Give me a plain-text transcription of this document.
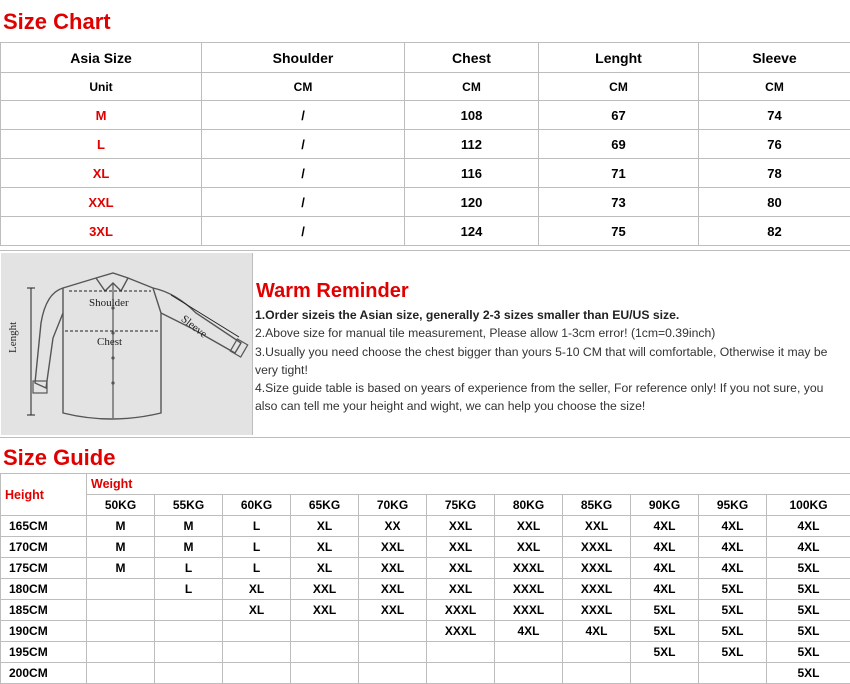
Size Chart
Asia Size	Shoulder	Chest	Lenght	Sleeve
Unit	CM	CM	CM	CM
M	/	108	67	74
L	/	112	69	76
XL	/	116	71	78
XXL	/	120	73	80
3XL	/	124	75	82
Shoulder
Chest
Sleeve
Lenght
Warm Reminder

1.Order sizeis the Asian size, generally 2-3 sizes smaller than EU/US size.

2.Above size for manual tile measurement, Please allow 1-3cm error! (1cm=0.39inch)

3.Usually you need choose the chest bigger than yours 5-10 CM that will comfortable, Otherwise it may be very tight!

4.Size guide table is based on years of experience from the seller, For reference only! If you not sure, you also can tell me your height and wight, we can help you choose the size!

Size Guide
Height	Weight										
	50KG	55KG	60KG	65KG	70KG	75KG	80KG	85KG	90KG	95KG	100KG
165CM	M	M	L	XL	XX	XXL	XXL	XXL	4XL	4XL	4XL
170CM	M	M	L	XL	XXL	XXL	XXL	XXXL	4XL	4XL	4XL
175CM	M	L	L	XL	XXL	XXL	XXXL	XXXL	4XL	4XL	5XL
180CM		L	XL	XXL	XXL	XXL	XXXL	XXXL	4XL	5XL	5XL
185CM			XL	XXL	XXL	XXXL	XXXL	XXXL	5XL	5XL	5XL
190CM						XXXL	4XL	4XL	5XL	5XL	5XL
195CM									5XL	5XL	5XL
200CM											5XL
